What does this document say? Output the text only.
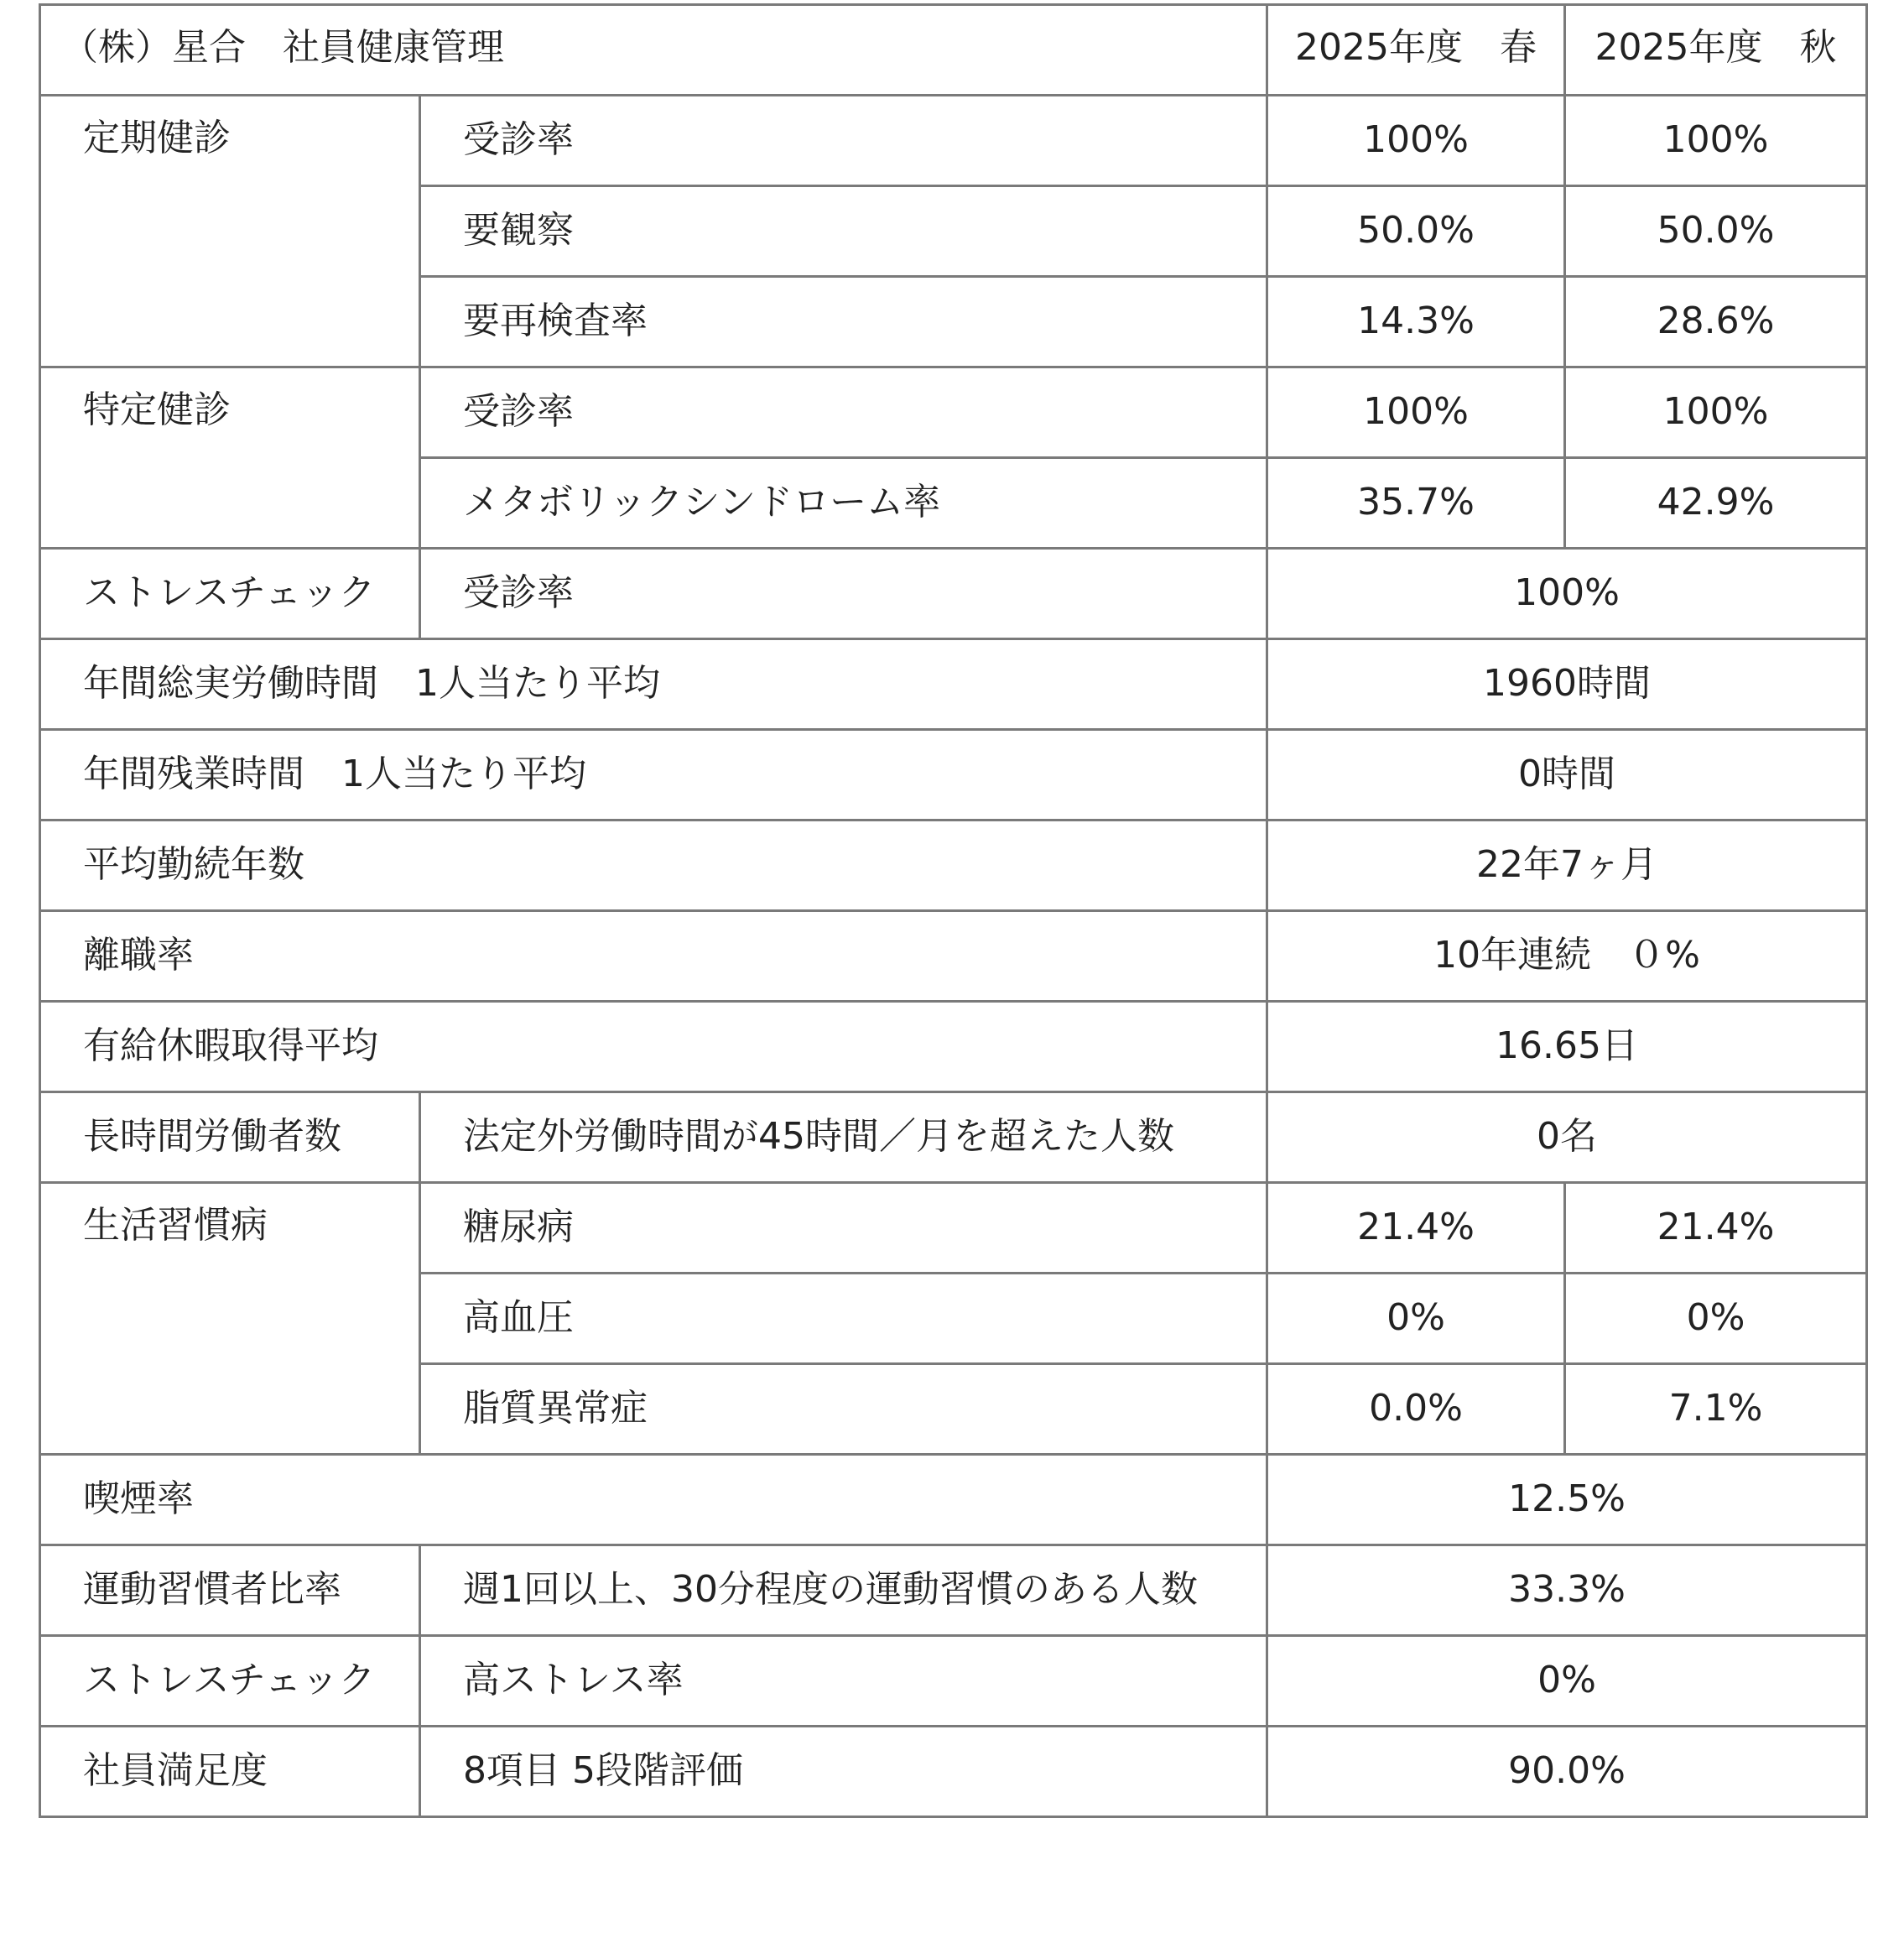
（株）星合　社員健康管理		2025年度　春	2025年度　秋
定期健診	受診率	100%	100%
	要観察	50.0%	50.0%
	要再検査率	14.3%	28.6%
特定健診	受診率	100%	100%
	メタボリックシンドローム率	35.7%	42.9%
ストレスチェック	受診率	100%	
年間総実労働時間　1人当たり平均		1960時間	
年間残業時間　1人当たり平均		0時間	
平均勤続年数		22年7ヶ月	
離職率		10年連続　０%	
有給休暇取得平均		16.65日	
長時間労働者数	法定外労働時間が45時間／月を超えた人数	0名	
生活習慣病	糖尿病	21.4%	21.4%
	高血圧	0%	0%
	脂質異常症	0.0%	7.1%
喫煙率		12.5%	
運動習慣者比率	週1回以上、30分程度の運動習慣のある人数	33.3%	
ストレスチェック	高ストレス率	0%	
社員満足度	8項目 5段階評価	90.0%	
